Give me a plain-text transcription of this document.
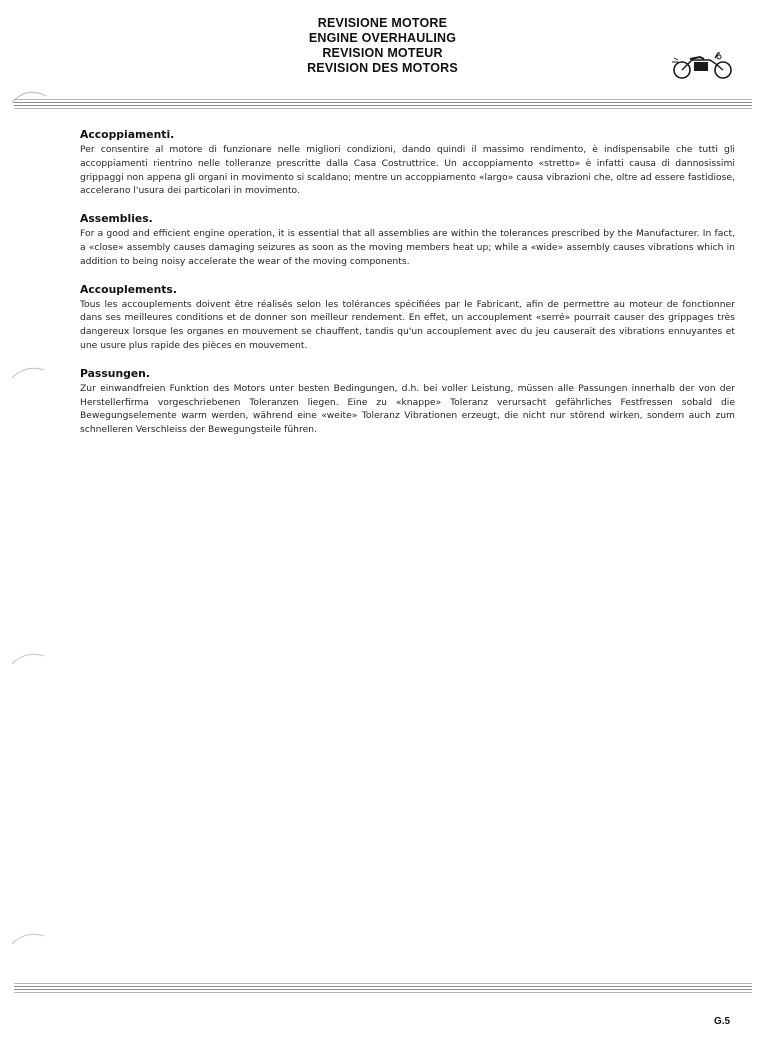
REVISIONE MOTORE
ENGINE OVERHAULING
REVISION MOTEUR
REVISION DES MOTORS
Accoppiamenti.

Per consentire al motore di funzionare nelle migliori condizioni, dando quindi il massimo rendimento, è indispensabile che tutti gli accoppiamenti rientrino nelle tolleranze prescritte dalla Casa Costruttrice. Un accoppiamento «stretto» è infatti causa di dannosissimi grippaggi non appena gli organi in movimento si scaldano; mentre un accoppiamento «largo» causa vibrazioni che, oltre ad essere fastidiose, accelerano l'usura dei particolari in movimento.

Assemblies.

For a good and efficient engine operation, it is essential that all assemblies are within the tolerances prescribed by the Manufacturer. In fact, a «close» assembly causes damaging seizures as soon as the moving members heat up; while a «wide» assembly causes vibrations which in addition to being noisy accelerate the wear of the moving components.

Accouplements.

Tous les accouplements doivent être réalisés selon les tolérances spécifiées par le Fabricant, afin de permettre au moteur de fonctionner dans ses meilleures conditions et de donner son meilleur rendement. En effet, un accouplement «serré» pourrait causer des grippages très dangereux lorsque les organes en mouvement se chauffent, tandis qu'un accouplement avec du jeu causerait des vibrations ennuyantes et une usure plus rapide des pièces en mouvement.

Passungen.

Zur einwandfreien Funktion des Motors unter besten Bedingungen, d.h. bei voller Leistung, müssen alle Passungen innerhalb der von der Herstellerfirma vorgeschriebenen Toleranzen liegen. Eine zu «knappe» Toleranz verursacht gefährliches Festfressen sobald die Bewegungselemente warm werden, während eine «weite» Toleranz Vibrationen erzeugt, die nicht nur störend wirken, sondern auch zum schnelleren Verschleiss der Bewegungsteile führen.

G.5
